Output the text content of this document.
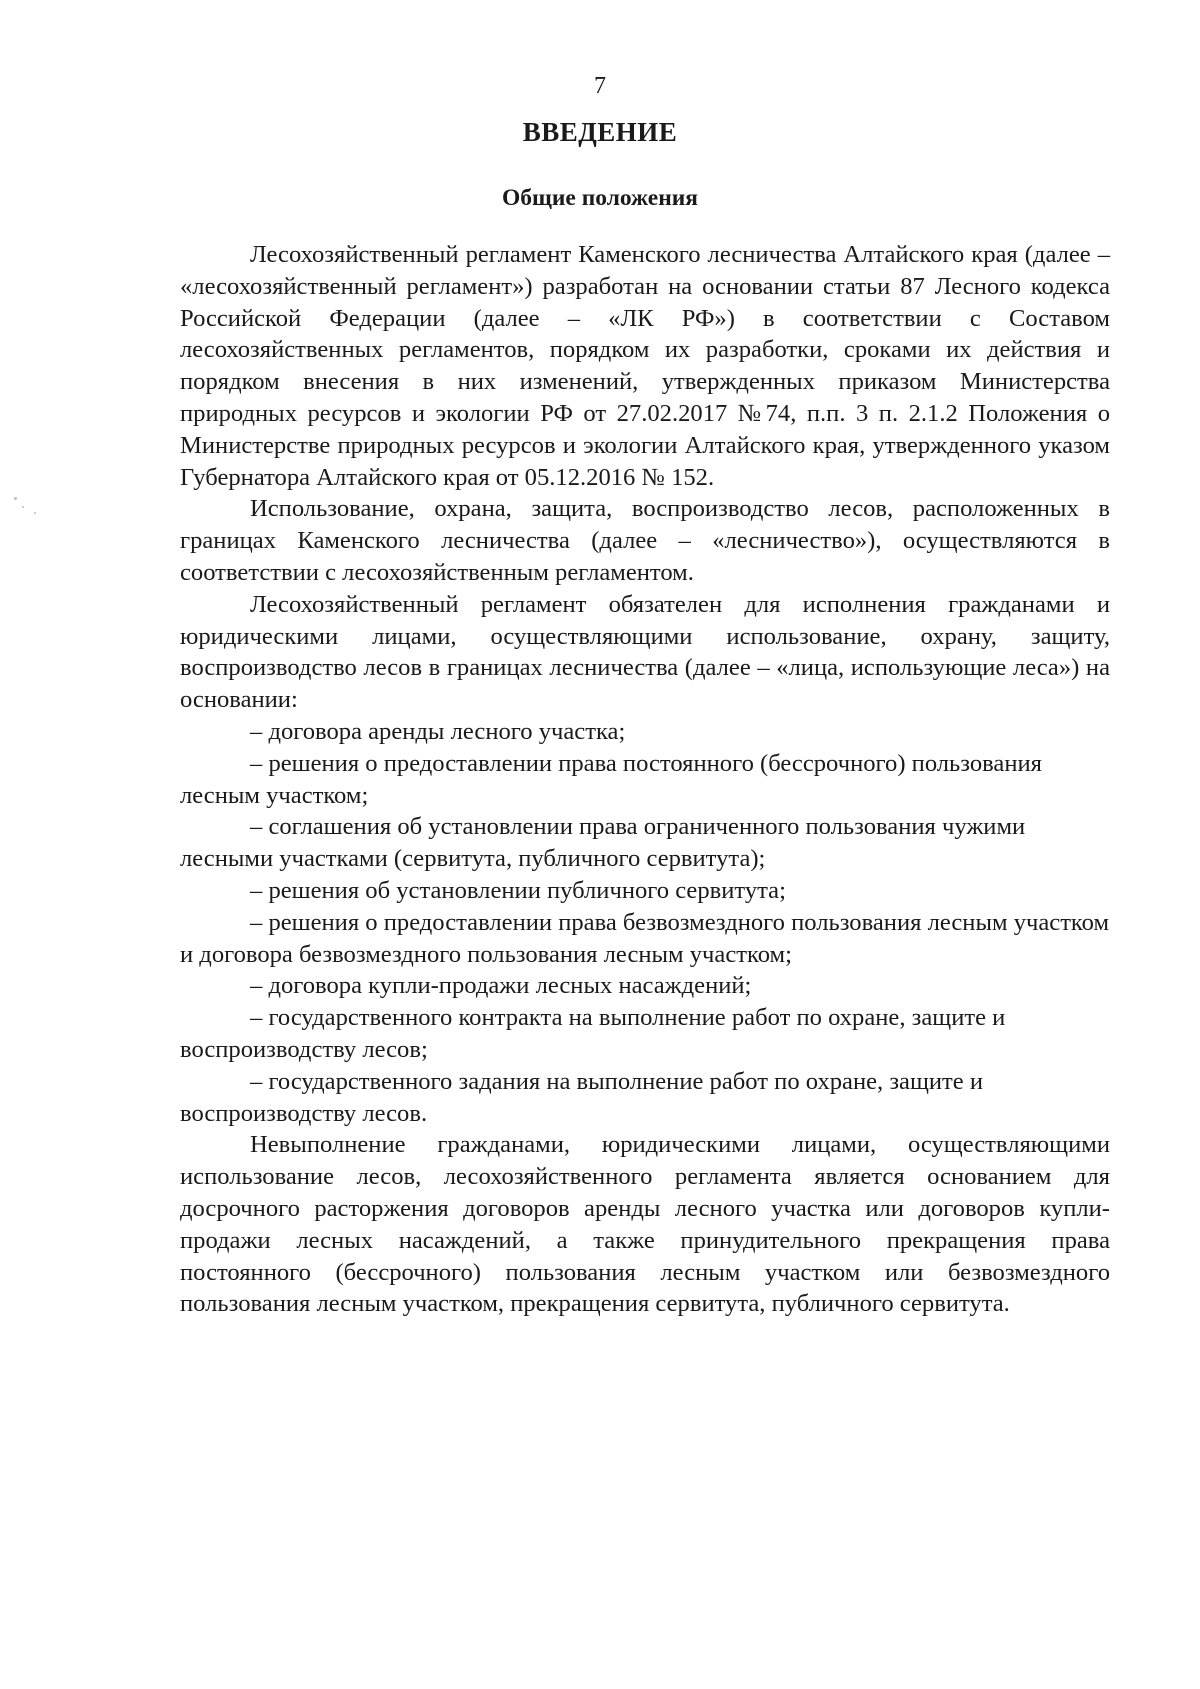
7
ВВЕДЕНИЕ
Общие положения

Лесохозяйственный регламент Каменского лесничества Алтайского края (далее – «лесохозяйственный регламент») разработан на основании статьи 87 Лесного кодекса Российской Федерации (далее – «ЛК РФ») в соответствии с Составом лесохозяйственных регламентов, порядком их разработки, сроками их действия и порядком внесения в них изменений, утвержденных приказом Министерства природных ресурсов и экологии РФ от 27.02.2017 №74, п.п. 3 п. 2.1.2 Положения о Министерстве природных ресурсов и экологии Алтайского края, утвержденного указом Губернатора Алтайского края от 05.12.2016 № 152.

Использование, охрана, защита, воспроизводство лесов, расположенных в границах Каменского лесничества (далее – «лесничество»), осуществляются в соответствии с лесохозяйственным регламентом.

Лесохозяйственный регламент обязателен для исполнения гражданами и юридическими лицами, осуществляющими использование, охрану, защиту, воспроизводство лесов в границах лесничества (далее – «лица, использующие леса») на основании:

– договора аренды лесного участка;

– решения о предоставлении права постоянного (бессрочного) пользования лесным участком;

– соглашения об установлении права ограниченного пользования чужими лесными участками (сервитута, публичного сервитута);

– решения об установлении публичного сервитута;

– решения о предоставлении права безвозмездного пользования лесным участком и договора безвозмездного пользования лесным участком;

– договора купли-продажи лесных насаждений;

– государственного контракта на выполнение работ по охране, защите и воспроизводству лесов;

– государственного задания на выполнение работ по охране, защите и воспроизводству лесов.

Невыполнение гражданами, юридическими лицами, осуществляющими использование лесов, лесохозяйственного регламента является основанием для досрочного расторжения договоров аренды лесного участка или договоров купли-продажи лесных насаждений, а также принудительного прекращения права постоянного (бессрочного) пользования лесным участком или безвозмездного пользования лесным участком, прекращения сервитута, публичного сервитута.
